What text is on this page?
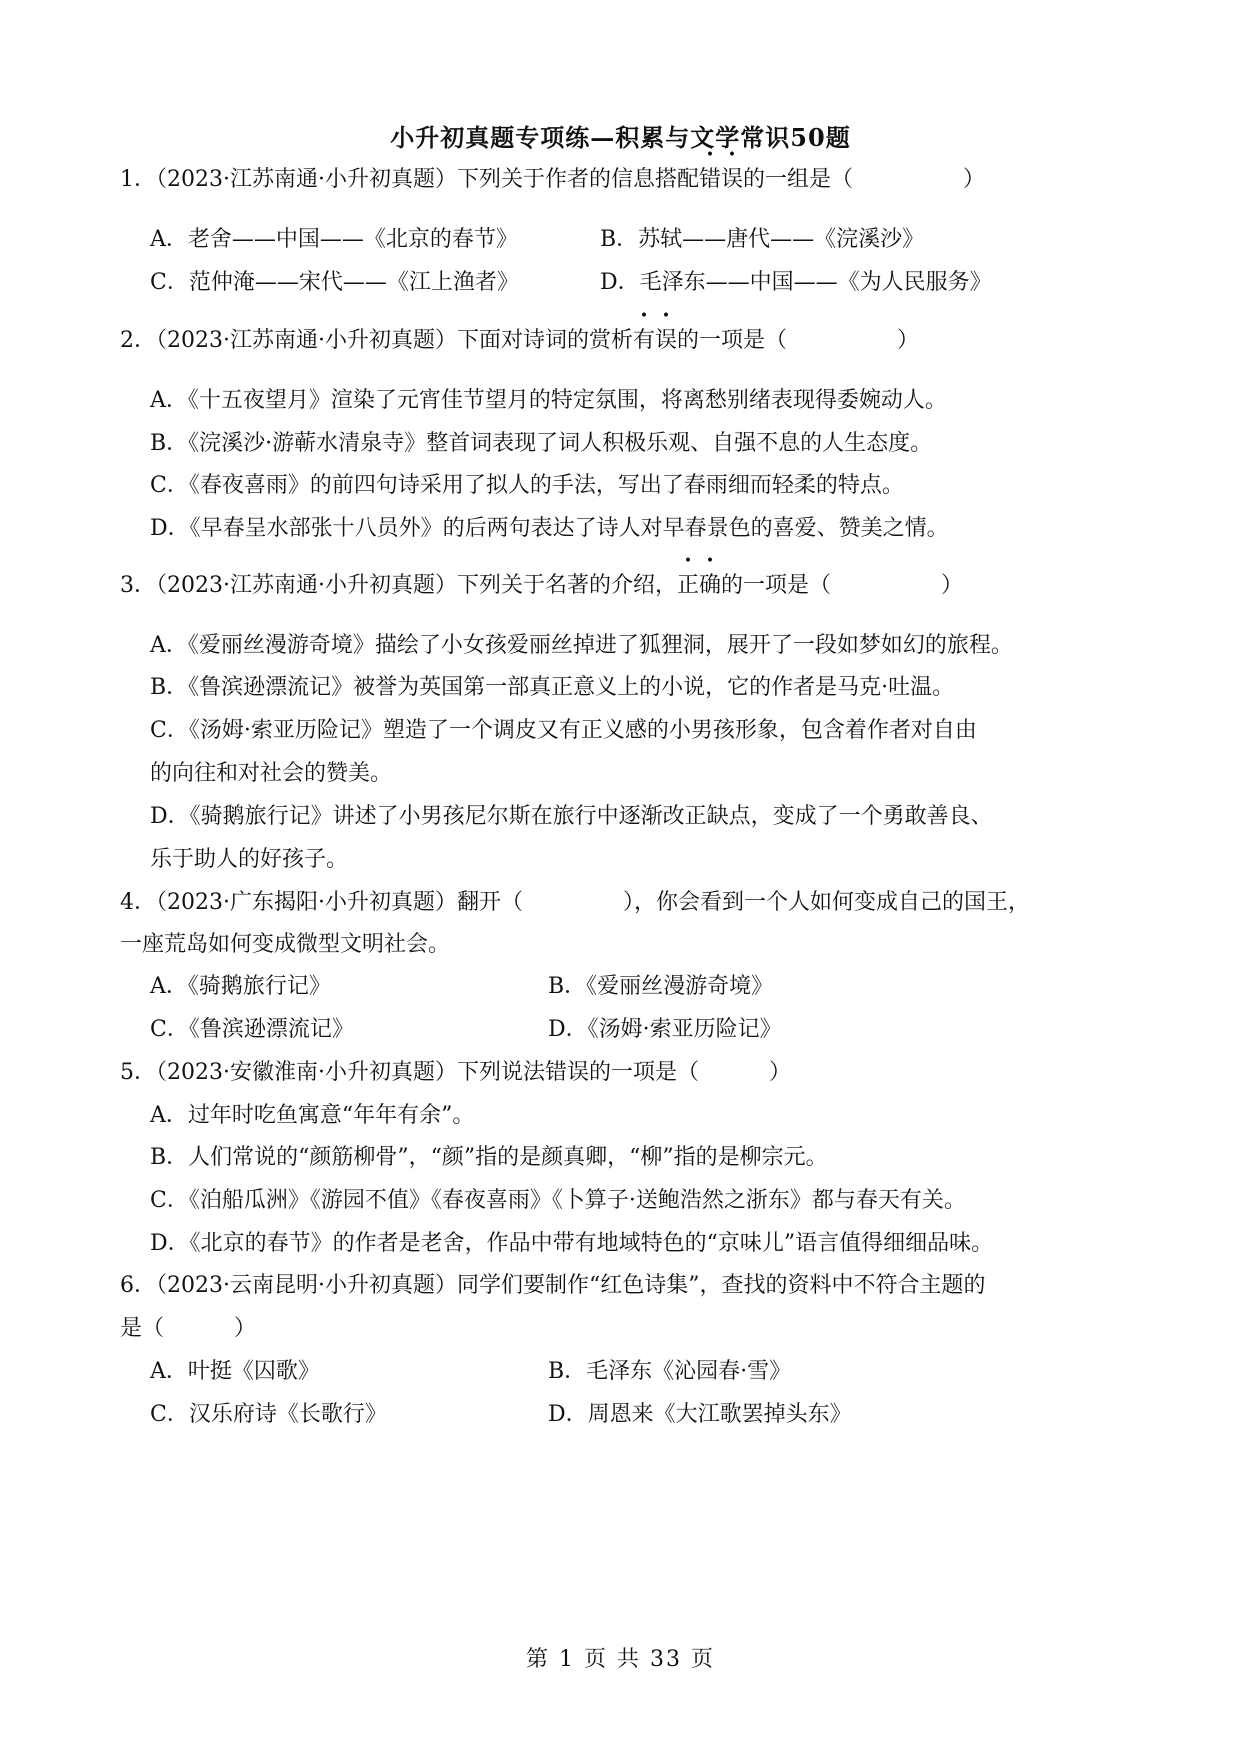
小升初真题专项练—积累与文学常识50题
1．（2023·江苏南通·小升初真题）下列关于作者的信息搭配错误的一组是（	）
A．老舍——中国——《北京的春节》	B．苏轼——唐代——《浣溪沙》
C．范仲淹——宋代——《江上渔者》	D．毛泽东——中国——《为人民服务》
2．（2023·江苏南通·小升初真题）下面对诗词的赏析有误的一项是（	）
A．《十五夜望月》渲染了元宵佳节望月的特定氛围，将离愁别绪表现得委婉动人。
B．《浣溪沙·游蕲水清泉寺》整首词表现了词人积极乐观、自强不息的人生态度。
C．《春夜喜雨》的前四句诗采用了拟人的手法，写出了春雨细而轻柔的特点。
D．《早春呈水部张十八员外》的后两句表达了诗人对早春景色的喜爱、赞美之情。
3．（2023·江苏南通·小升初真题）下列关于名著的介绍，正确的一项是（	）
A．《爱丽丝漫游奇境》描绘了小女孩爱丽丝掉进了狐狸洞，展开了一段如梦如幻的旅程。
B．《鲁滨逊漂流记》被誉为英国第一部真正意义上的小说，它的作者是马克·吐温。
C．《汤姆·索亚历险记》塑造了一个调皮又有正义感的小男孩形象，包含着作者对自由
的向往和对社会的赞美。
D．《骑鹅旅行记》讲述了小男孩尼尔斯在旅行中逐渐改正缺点，变成了一个勇敢善良、
乐于助人的好孩子。
4．（2023·广东揭阳·小升初真题）翻开（	），你会看到一个人如何变成自己的国王，
一座荒岛如何变成微型文明社会。
A．《骑鹅旅行记》	B．《爱丽丝漫游奇境》
C．《鲁滨逊漂流记》	D．《汤姆·索亚历险记》
5．（2023·安徽淮南·小升初真题）下列说法错误的一项是（	）
A．过年时吃鱼寓意“年年有余”。
B．人们常说的“颜筋柳骨”，“颜”指的是颜真卿，“柳”指的是柳宗元。
C．《泊船瓜洲》《游园不值》《春夜喜雨》《卜算子·送鲍浩然之浙东》都与春天有关。
D．《北京的春节》的作者是老舍，作品中带有地域特色的“京味儿”语言值得细细品味。
6．（2023·云南昆明·小升初真题）同学们要制作“红色诗集”，查找的资料中不符合主题的
是（	）
A．叶挺《囚歌》	B．毛泽东《沁园春·雪》
C．汉乐府诗《长歌行》	D．周恩来《大江歌罢掉头东》
第 1 页 共 33 页
